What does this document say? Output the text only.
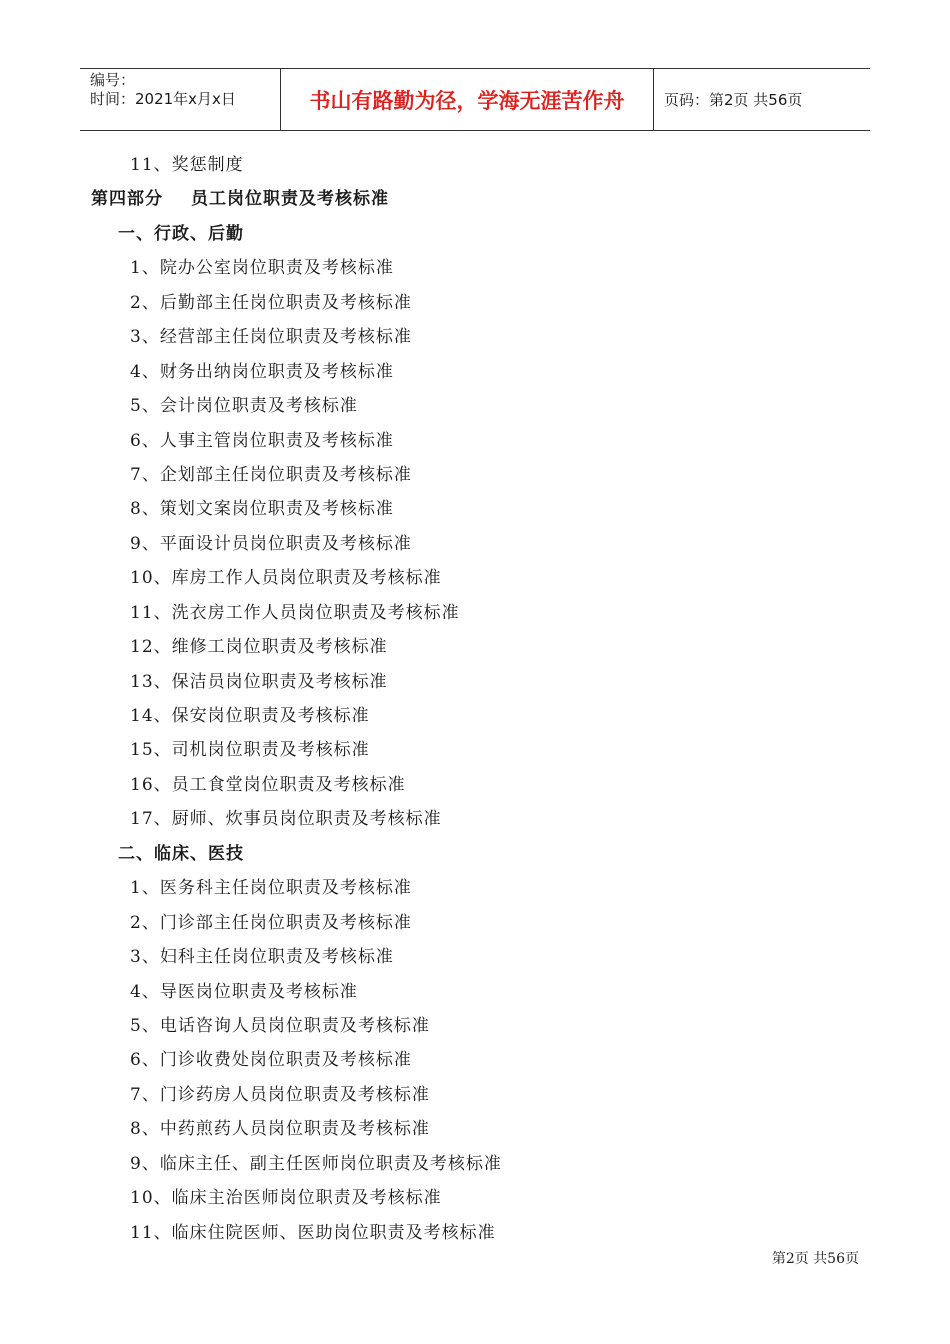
编号：
时间：2021年x月x日	书山有路勤为径，学海无涯苦作舟	页码：第2页 共56页
11、奖惩制度
第四部分 员工岗位职责及考核标准
一、行政、后勤
1、院办公室岗位职责及考核标准
2、后勤部主任岗位职责及考核标准
3、经营部主任岗位职责及考核标准
4、财务出纳岗位职责及考核标准
5、会计岗位职责及考核标准
6、人事主管岗位职责及考核标准
7、企划部主任岗位职责及考核标准
8、策划文案岗位职责及考核标准
9、平面设计员岗位职责及考核标准
10、库房工作人员岗位职责及考核标准
11、洗衣房工作人员岗位职责及考核标准
12、维修工岗位职责及考核标准
13、保洁员岗位职责及考核标准
14、保安岗位职责及考核标准
15、司机岗位职责及考核标准
16、员工食堂岗位职责及考核标准
17、厨师、炊事员岗位职责及考核标准
二、临床、医技
1、医务科主任岗位职责及考核标准
2、门诊部主任岗位职责及考核标准
3、妇科主任岗位职责及考核标准
4、导医岗位职责及考核标准
5、电话咨询人员岗位职责及考核标准
6、门诊收费处岗位职责及考核标准
7、门诊药房人员岗位职责及考核标准
8、中药煎药人员岗位职责及考核标准
9、临床主任、副主任医师岗位职责及考核标准
10、临床主治医师岗位职责及考核标准
11、临床住院医师、医助岗位职责及考核标准
第2页 共56页
